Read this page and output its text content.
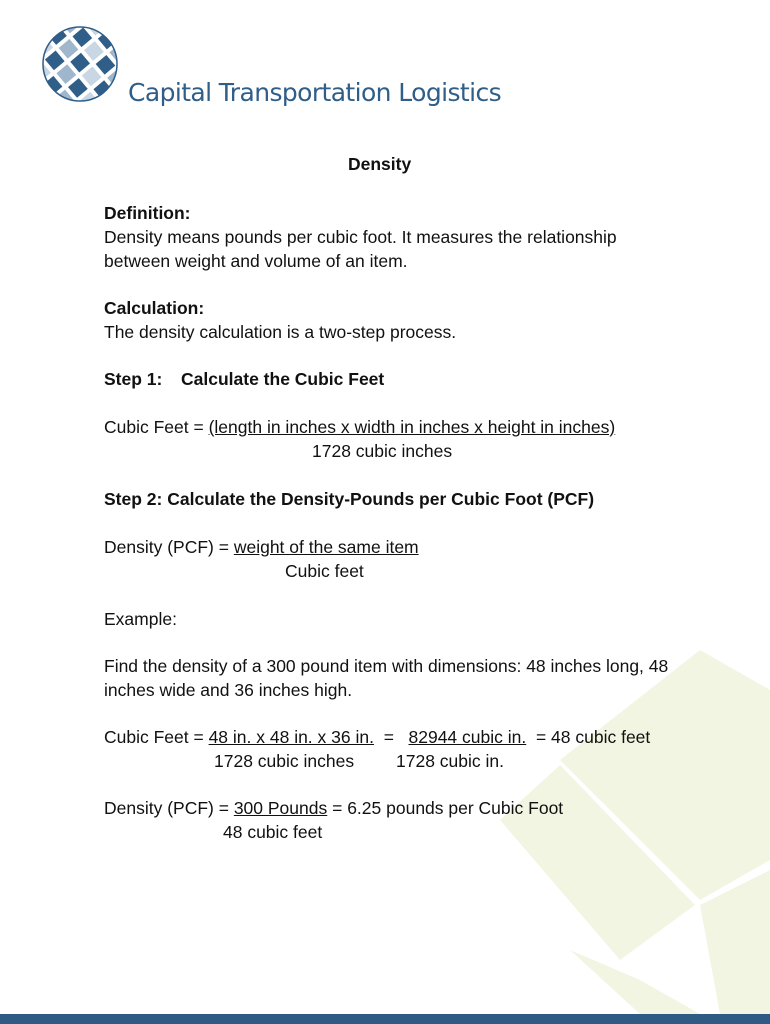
Capital Transportation Logistics
Density
Definition:
Density means pounds per cubic foot. It measures the relationship
between weight and volume of an item.
Calculation:
The density calculation is a two-step process.
Step 1: Calculate the Cubic Feet
Cubic Feet = (length in inches x width in inches x height in inches)
1728 cubic inches
Step 2: Calculate the Density-Pounds per Cubic Foot (PCF)
Density (PCF) = weight of the same item
Cubic feet
Example:
Find the density of a 300 pound item with dimensions: 48 inches long, 48
inches wide and 36 inches high.
Cubic Feet = 48 in. x 48 in. x 36 in.  =   82944 cubic in.  = 48 cubic feet
1728 cubic inches 1728 cubic in.
Density (PCF) = 300 Pounds = 6.25 pounds per Cubic Foot
48 cubic feet
